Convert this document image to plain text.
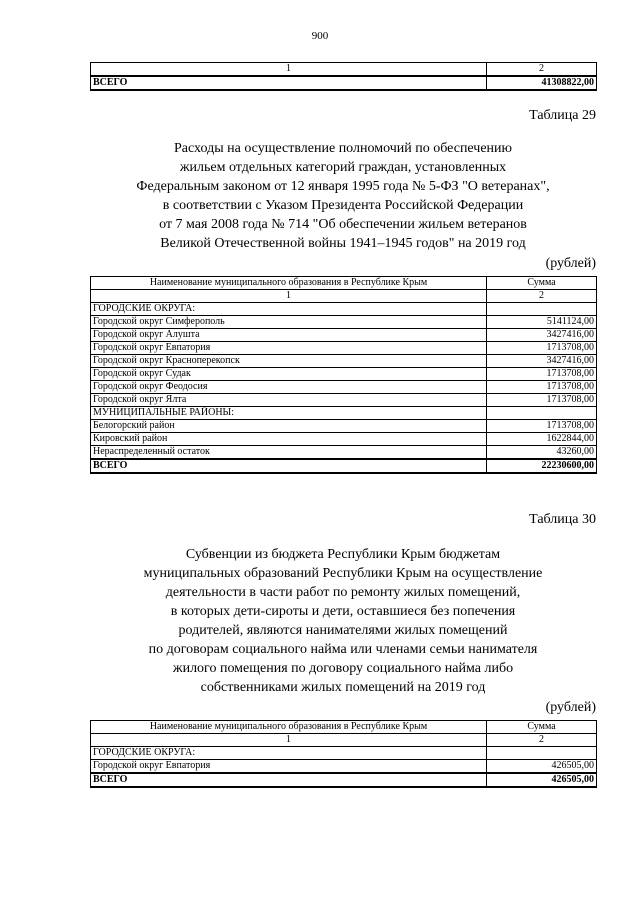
900
1	2
ВСЕГО	41308822,00
Таблица 29
Расходы на осуществление полномочий по обеспечению
жильем отдельных категорий граждан, установленных
Федеральным законом от 12 января 1995 года № 5-ФЗ "О ветеранах",
в соответствии с Указом Президента Российской Федерации
от 7 мая 2008 года № 714 "Об обеспечении жильем ветеранов
Великой Отечественной войны 1941–1945 годов" на 2019 год
(рублей)
Наименование муниципального образования в Республике Крым	Сумма
1	2
ГОРОДСКИЕ ОКРУГА:	
Городской округ Симферополь	5141124,00
Городской округ Алушта	3427416,00
Городской округ Евпатория	1713708,00
Городской округ Красноперекопск	3427416,00
Городской округ Судак	1713708,00
Городской округ Феодосия	1713708,00
Городской округ Ялта	1713708,00
МУНИЦИПАЛЬНЫЕ РАЙОНЫ:	
Белогорский район	1713708,00
Кировский район	1622844,00
Нераспределенный остаток	43260,00
ВСЕГО	22230600,00
Таблица 30
Субвенции из бюджета Республики Крым бюджетам
муниципальных образований Республики Крым на осуществление
деятельности в части работ по ремонту жилых помещений,
в которых дети-сироты и дети, оставшиеся без попечения
родителей, являются нанимателями жилых помещений
по договорам социального найма или членами семьи нанимателя
жилого помещения по договору социального найма либо
собственниками жилых помещений на 2019 год
(рублей)
Наименование муниципального образования в Республике Крым	Сумма
1	2
ГОРОДСКИЕ ОКРУГА:	
Городской округ Евпатория	426505,00
ВСЕГО	426505,00
